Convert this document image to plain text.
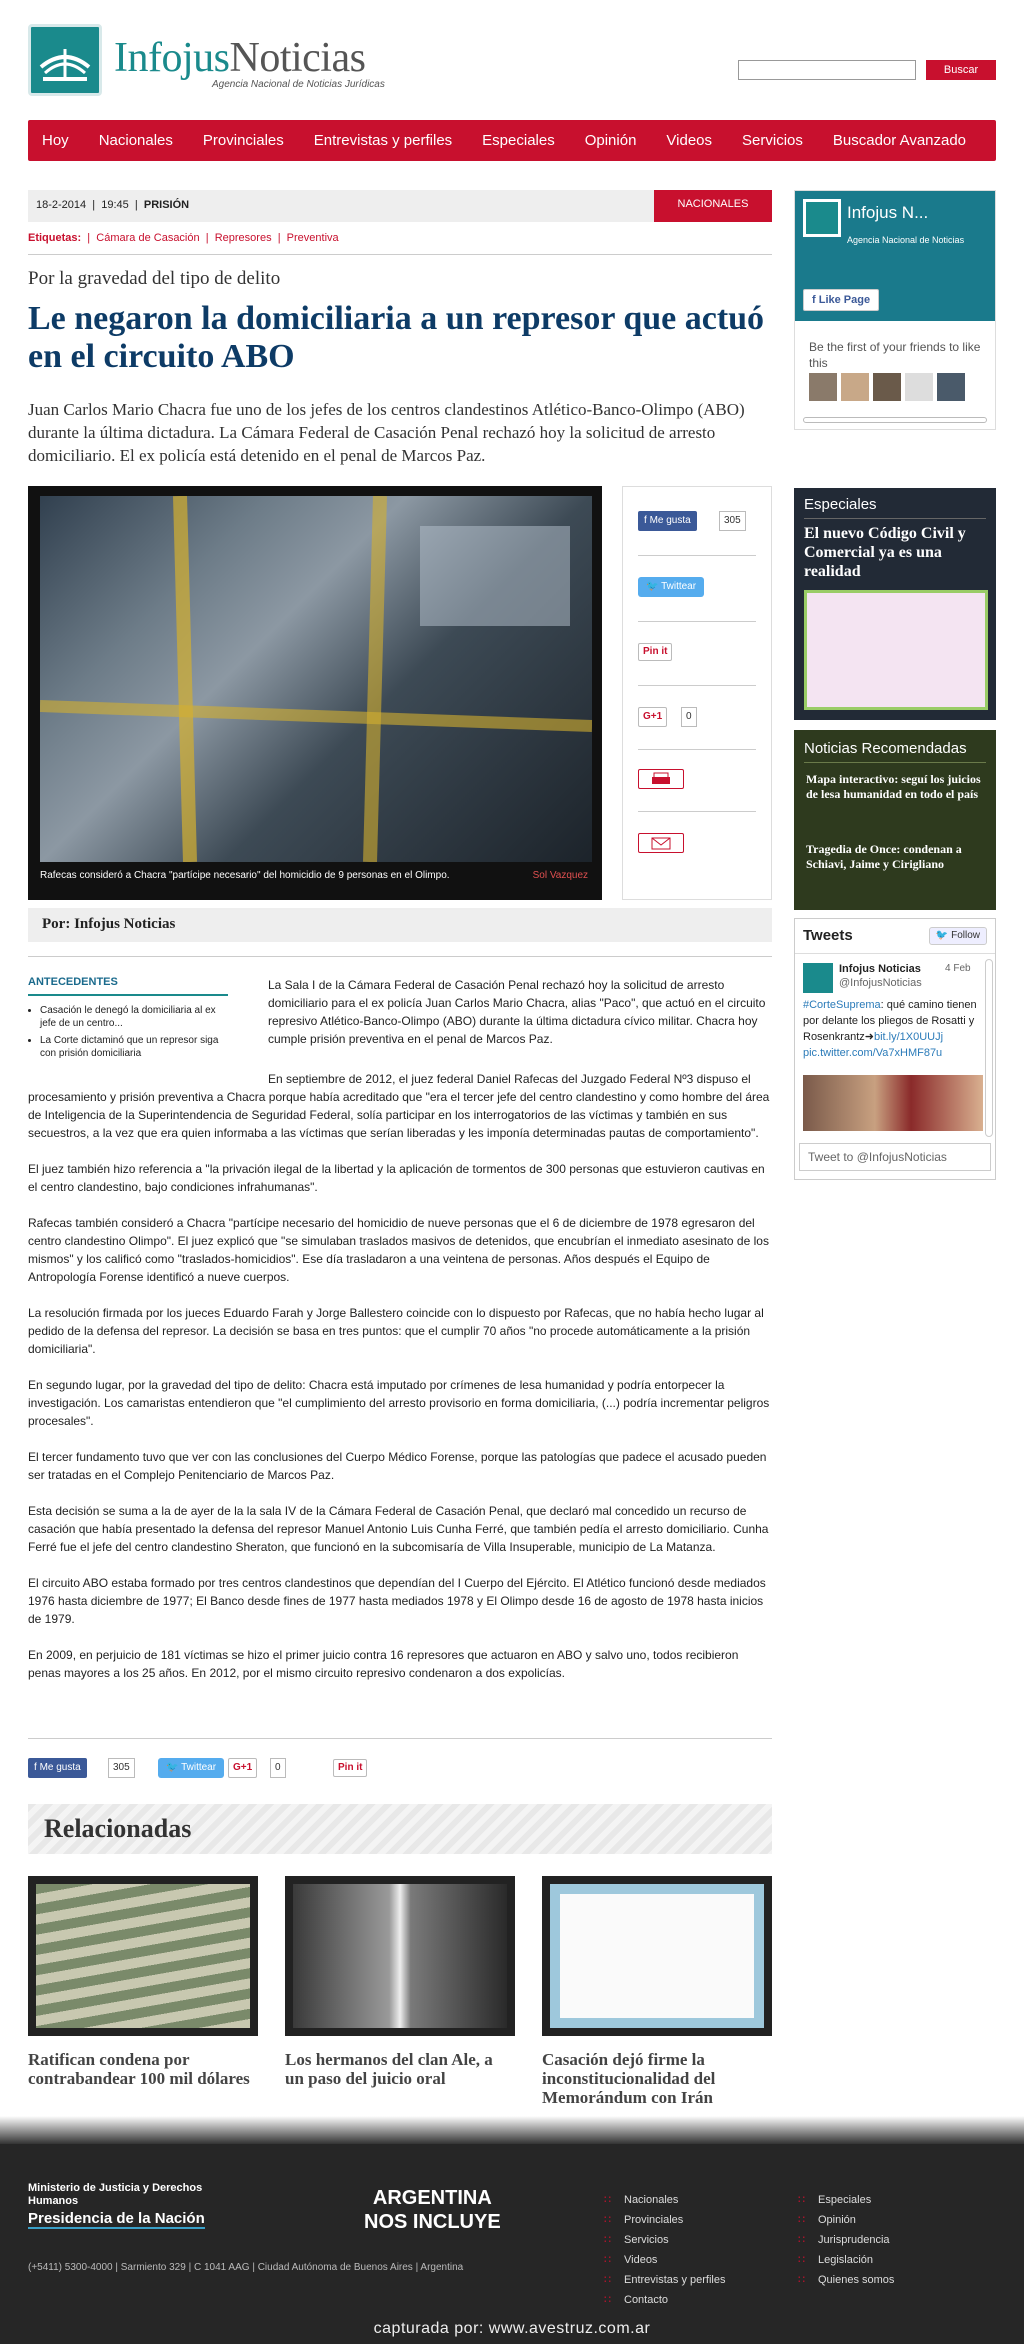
InfojusNoticias
Agencia Nacional de Noticias Jurídicas
Buscar
Hoy Nacionales Provinciales Entrevistas y perfiles Especiales Opinión Videos Servicios Buscador Avanzado
18-2-2014  |  19:45  |  PRISIÓN	NACIONALES
Etiquetas:  |  Cámara de Casación  |  Represores  |  Preventiva
Por la gravedad del tipo de delito
Le negaron la domiciliaria a un represor que actuó en el circuito ABO

Juan Carlos Mario Chacra fue uno de los jefes de los centros clandestinos Atlético-Banco-Olimpo (ABO) durante la última dictadura. La Cámara Federal de Casación Penal rechazó hoy la solicitud de arresto domiciliario. El ex policía está detenido en el penal de Marcos Paz.

Rafecas consideró a Chacra "partícipe necesario" del homicidio de 9 personas en el Olimpo.	Sol Vazquez
f Me gusta	305
🐦 Twittear
Pin it
G+1	0
Por: Infojus Noticias

La Sala I de la Cámara Federal de Casación Penal rechazó hoy la solicitud de arresto domiciliario para el ex policía Juan Carlos Mario Chacra, alias "Paco", que actuó en el circuito represivo Atlético-Banco-Olimpo (ABO) durante la última dictadura cívico militar. Chacra hoy cumple prisión preventiva en el penal de Marcos Paz.

ANTECEDENTES
• Casación le denegó la domiciliaria al ex jefe de un centro...
• La Corte dictaminó que un represor siga con prisión domiciliaria

En septiembre de 2012, el juez federal Daniel Rafecas del Juzgado Federal Nº3 dispuso el procesamiento y prisión preventiva a Chacra porque había acreditado que "era el tercer jefe del centro clandestino y como hombre del área de Inteligencia de la Superintendencia de Seguridad Federal, solía participar en los interrogatorios de las víctimas y también en sus secuestros, a la vez que era quien informaba a las víctimas que serían liberadas y les imponía determinadas pautas de comportamiento".

El juez también hizo referencia a "la privación ilegal de la libertad y la aplicación de tormentos de 300 personas que estuvieron cautivas en el centro clandestino, bajo condiciones infrahumanas".

Rafecas también consideró a Chacra "partícipe necesario del homicidio de nueve personas que el 6 de diciembre de 1978 egresaron del centro clandestino Olimpo". El juez explicó que "se simulaban traslados masivos de detenidos, que encubrían el inmediato asesinato de los mismos" y los calificó como "traslados-homicidios". Ese día trasladaron a una veintena de personas. Años después el Equipo de Antropología Forense identificó a nueve cuerpos.

La resolución firmada por los jueces Eduardo Farah y Jorge Ballestero coincide con lo dispuesto por Rafecas, que no había hecho lugar al pedido de la defensa del represor. La decisión se basa en tres puntos: que el cumplir 70 años "no procede automáticamente a la prisión domiciliaria".

En segundo lugar, por la gravedad del tipo de delito: Chacra está imputado por crímenes de lesa humanidad y podría entorpecer la investigación. Los camaristas entendieron que "el cumplimiento del arresto provisorio en forma domiciliaria, (...) podría incrementar peligros procesales".

El tercer fundamento tuvo que ver con las conclusiones del Cuerpo Médico Forense, porque las patologías que padece el acusado pueden ser tratadas en el Complejo Penitenciario de Marcos Paz.

Esta decisión se suma a la de ayer de la la sala IV de la Cámara Federal de Casación Penal, que declaró mal concedido un recurso de casación que había presentado la defensa del represor Manuel Antonio Luis Cunha Ferré, que también pedía el arresto domiciliario. Cunha Ferré fue el jefe del centro clandestino Sheraton, que funcionó en la subcomisaría de Villa Insuperable, municipio de La Matanza.

El circuito ABO estaba formado por tres centros clandestinos que dependían del I Cuerpo del Ejército. El Atlético funcionó desde mediados 1976 hasta diciembre de 1977; El Banco desde fines de 1977 hasta mediados 1978 y El Olimpo desde 16 de agosto de 1978 hasta inicios de 1979.

En 2009, en perjuicio de 181 víctimas se hizo el primer juicio contra 16 represores que actuaron en ABO y salvo uno, todos recibieron penas mayores a los 25 años. En 2012, por el mismo circuito represivo condenaron a dos expolicías.

f Me gusta	305	🐦 Twittear	G+1	0	Pin it
Relacionadas
Ratifican condena por contrabandear 100 mil dólares
Los hermanos del clan Ale, a un paso del juicio oral
Casación dejó firme la inconstitucionalidad del Memorándum con Irán
Infojus N...
Agencia Nacional de Noticias
f Like Page
Be the first of your friends to like this
Especiales
El nuevo Código Civil y Comercial ya es una realidad
Noticias Recomendadas
Mapa interactivo: seguí los juicios de lesa humanidad en todo el país
Tragedia de Once: condenan a Schiavi, Jaime y Cirigliano
Tweets	🐦 Follow
Infojus Noticias
@InfojusNoticias
4 Feb
#CorteSuprema: qué camino tienen por delante los pliegos de Rosatti y Rosenkrantz➜bit.ly/1X0UUJj pic.twitter.com/Va7xHMF87u
Tweet to @InfojusNoticias
Ministerio de Justicia y Derechos Humanos
Presidencia de la Nación
ARGENTINA
NOS INCLUYE
(+5411) 5300-4000 | Sarmiento 329 | C 1041 AAG | Ciudad Autónoma de Buenos Aires | Argentina
∷ Nacionales
∷ Provinciales
∷ Servicios
∷ Videos
∷ Entrevistas y perfiles
∷ Contacto
∷ Especiales
∷ Opinión
∷ Jurisprudencia
∷ Legislación
∷ Quienes somos
capturada por: www.avestruz.com.ar
